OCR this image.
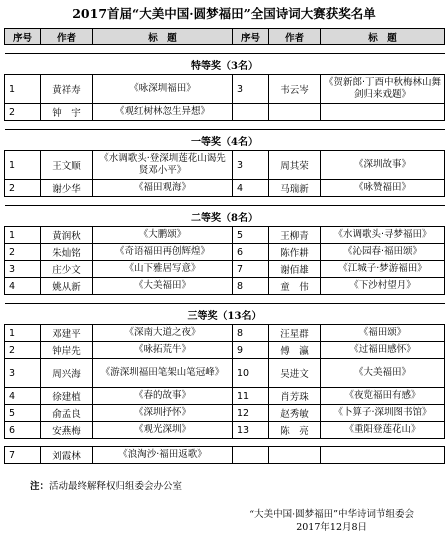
2017首届“大美中国·圆梦福田”全国诗词大赛获奖名单
序号	作者	标　题	序号	作者	标　题

特等奖（3名）					
1	黄祥寿	《咏深圳福田》	3	韦云岑	《贺新郎·丁酉中秋梅林山舞剑归来戏题》
2	钟　宇	《观红树林忽生异想》			

一等奖（4名）					
1	王文顺	《水调歌头·登深圳莲花山谒先贤邓小平》	3	周其荣	《深圳故事》
2	谢少华	《福田观海》	4	马瑞新	《咏赞福田》

二等奖（8名）					
1	黄润秋	《大鹏颂》	5	王柳青	《水调歌头·寻梦福田》
2	朱灿铭	《奇语福田再创辉煌》	6	陈作耕	《沁园春·福田颂》
3	庄少文	《山下雅居写意》	7	谢佰雄	《江城子·梦游福田》
4	姚从新	《大美福田》	8	童　伟	《下沙村望月》

三等奖（13名）					
1	邓建平	《深南大道之夜》	8	汪星群	《福田颂》
2	钟岸先	《咏拓荒牛》	9	傅　瀛	《过福田感怀》
3	周兴海	《游深圳福田笔架山笔冠峰》	10	吴进文	《大美福田》
4	徐建植	《春的故事》	11	肖芳珠	《夜览福田有感》
5	俞孟良	《深圳抒怀》	12	赵秀敏	《卜算子·深圳图书馆》
6	安燕梅	《观光深圳》	13	陈　亮	《重阳登莲花山》

7	刘霞林	《浪淘沙·福田返歌》			
注：活动最终解释权归组委会办公室
“大美中国·圆梦福田”中华诗词节组委会
2017年12月8日
